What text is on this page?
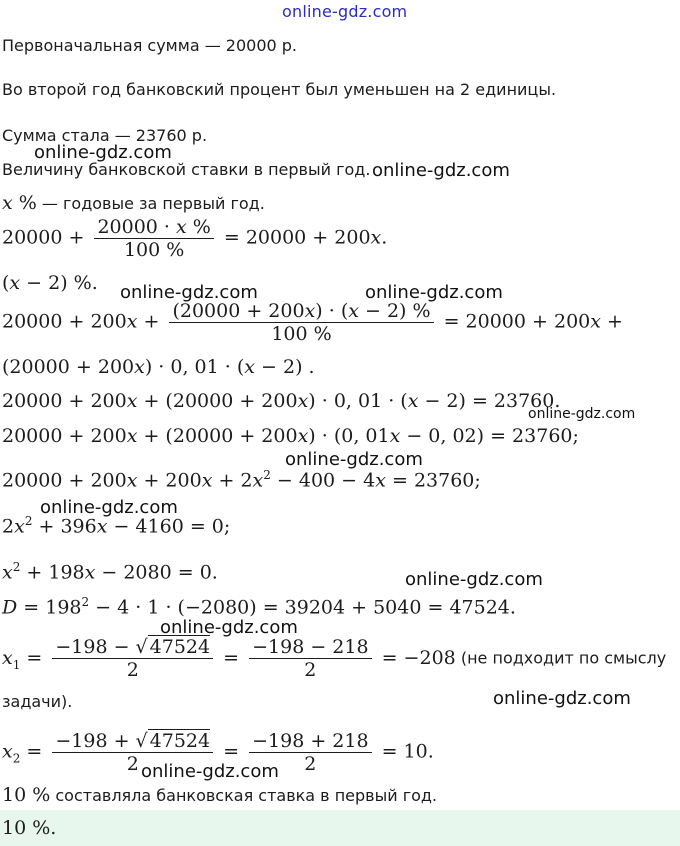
online-gdz.com
online-gdz.com
online-gdz.com
online-gdz.com	online-gdz.com
online-gdz.com
online-gdz.com
online-gdz.com
online-gdz.com
online-gdz.com
online-gdz.com
online-gdz.com
Первоначальная сумма — 20000 р.
Во второй год банковский процент был уменьшен на 2 единицы.
Сумма стала — 23760 р.
Величину банковской ставки в первый год.
x % — годовые за первый год.
$20000 + \frac{20000 \cdot x \%}{100 \%} = 20000 + 200x$.
(x − 2) %.
$20000 + 200x + \frac{(20000 + 200x) \cdot (x - 2) \%}{100 \%} = 20000 + 200x$ +
(20000 + 200x) · 0, 01 · (x − 2) .
20000 + 200x + (20000 + 200x) · 0, 01 · (x − 2) = 23760.
20000 + 200x + (20000 + 200x) · (0, 01x − 0, 02) = 23760;
$20000 + 200x + 200x + 2x^2 - 400 - 4x = 23760$;
$2x^2 + 396x - 4160 = 0$;
$x^2 + 198x - 2080 = 0$.
$D = 198^2 - 4 \cdot 1 \cdot (-2080) = 39204 + 5040 = 47524$.
$x_1 = \frac{-198 - √ 47524}{2} = \frac{-198 - 218}{2} = -208$ (не подходит по смыслу
задачи).
$x_2 = \frac{-198 + √ 47524}{2} = \frac{-198 + 218}{2} = 10$.
10 % составляла банковская ставка в первый год.
10 %.
